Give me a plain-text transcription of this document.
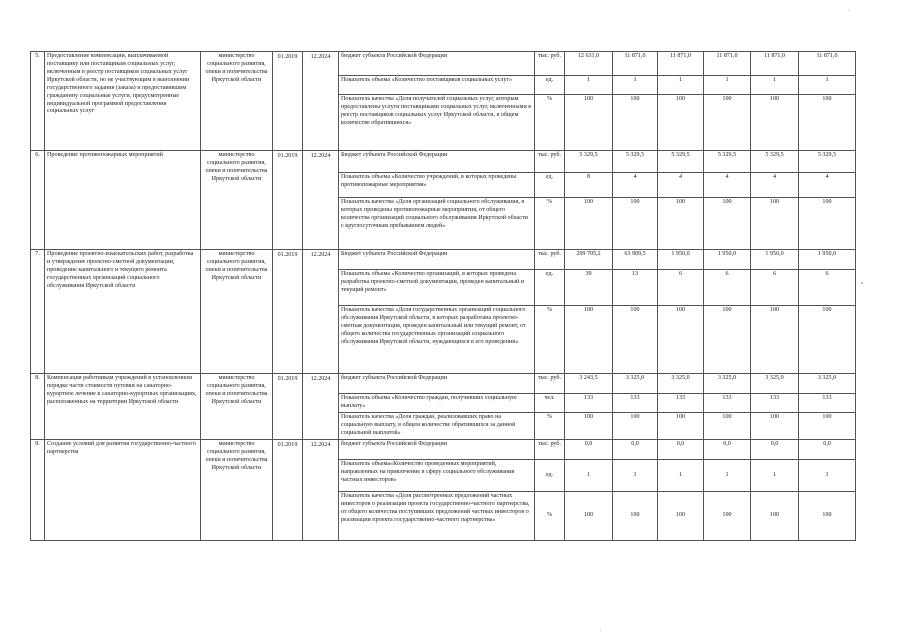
5.	Предоставление компенсации, выплачиваемой поставщику или поставщикам социальных услуг, включенным в реестр поставщиков социальных услуг Иркутской области, но не участвующим в выполнении государственного задания (заказа) и предоставившим гражданину социальные услуги, предусмотренные индивидуальной программой предоставления социальных услуг	министерство социального развития, опеки и попечительства Иркутской области	01.2019	12.2024	бюджет субъекта Российской Федерации	тыс. руб.	12 631,0	11 871,0	11 871,0	11 871,0	11 871,0	11 871,0
					Показатель объема «Количество поставщиков социальных услуг»	ед.	1	1	1	1	1	1
					Показатель качества «Доля получателей социальных услуг, которым предоставлены услуги поставщиками социальных услуг, включенными в реестр поставщиков социальных услуг Иркутской области, в общем количестве обратившихся»	%	100	100	100	100	100	100
6.	Проведение противопожарных мероприятий	министерство социального развития, опеки и попечительства Иркутской области	01.2019	12.2024	Бюджет субъекта Российской Федерации	тыс. руб.	5 329,5	5 329,5	5 329,5	5 329,5	5 329,5	5 329,5
					Показатель объема «Количество учреждений, в которых проведены противопожарные мероприятия»	ед.	8	4	4	4	4	4
					Показатель качества «Доля организаций социального обслуживания, в которых проведены противопожарные мероприятия, от общего количества организаций социального обслуживания Иркутской области с круглосуточным пребыванием людей»	%	100	100	100	100	100	100
7.	Проведение проектно-изыскательских работ, разработка и утверждение проектно-сметной документации, проведение капитального и текущего ремонта государственных организаций социального обслуживания Иркутской области	министерство социального развития, опеки и попечительства Иркутской области	01.2019	12.2024	Бюджет субъекта Российской Федерации	тыс. руб.	299 705,2	63 909,5	1 950,0	1 950,0	1 950,0	1 950,0
					Показатель объема «Количество организаций, в которых проведена разработка проектно-сметной документации, проведен капитальный и текущий ремонт»	ед.	39	13	6	6	6	6
					Показатель качества «Доля государственных организаций социального обслуживания Иркутской области, в которых разработана проектно-сметная документация, проведен капитальный или текущий ремонт, от общего количества государственных организаций социального обслуживания Иркутской области, нуждающихся в его проведении»	%	100	100	100	100	100	100
8.	Компенсация работникам учреждений в установленном порядке части стоимости путевки на санаторно-курортное лечение в санаторно-курортных организациях, расположенных на территории Иркутской области	министерство социального развития, опеки и попечительства Иркутской области	01.2019	12.2024	бюджет субъекта Российской Федерации	тыс. руб.	3 243,5	3 325,0	3 325,0	3 325,0	3 325,0	3 325,0
					Показатель объема «Количество граждан, получивших социальную выплату»	чел.	133	133	133	133	133	133
					Показатель качества «Доля граждан, реализовавших право на социальную выплату, в общем количестве обратившихся за данной социальной выплатой»	%	100	100	100	100	100	100
9.	Создание условий для развития государственно-частного партнерства	министерство социального развития, опеки и попечительства Иркутской области	01.2019	12.2024	бюджет субъекта Российской Федерации	тыс. руб.	0,0	0,0	0,0	0,0	0,0	0,0
					Показатель объема«Количество проведенных мероприятий, направленных на привлечение в сферу социального обслуживания частных инвесторов»	ед.	1	1	1	1	1	1
					Показатель качества «Доля рассмотренных предложений частных инвесторов о реализации проекта государственно-частного партнерства, от общего количества поступивших предложений частных инвесторов о реализации проекта государственно-частного партнерства»	%	100	100	100	100	100	100
